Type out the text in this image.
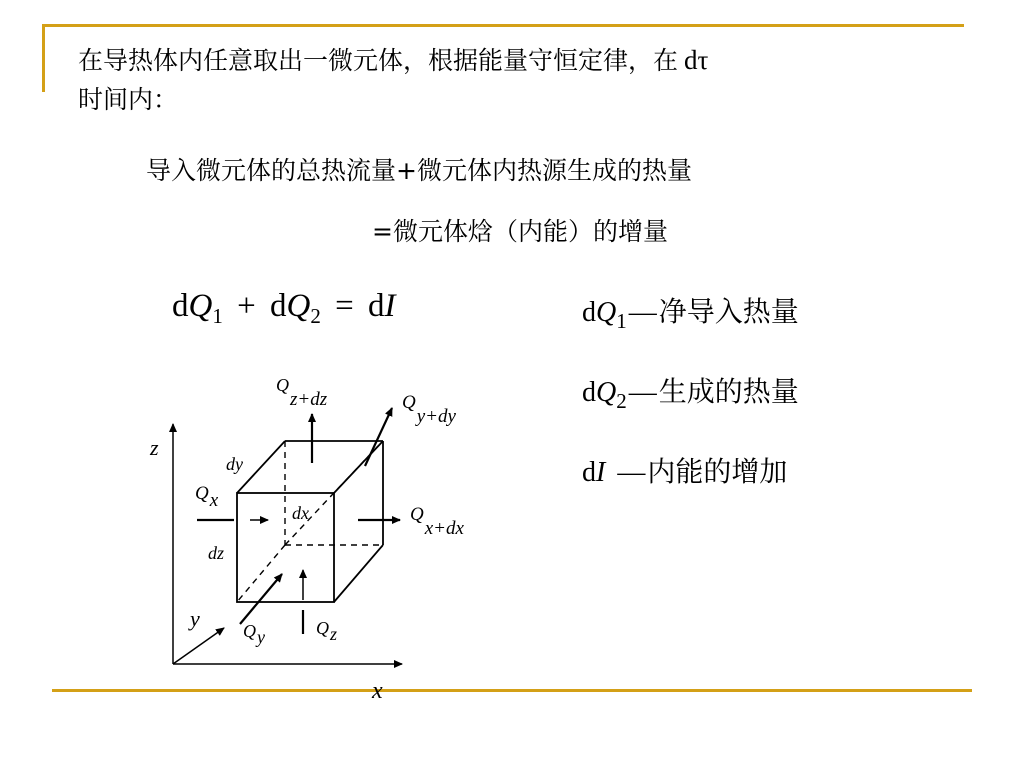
在导热体内任意取出一微元体，根据能量守恒定律，在 dτ
时间内：
导入微元体的总热流量+微元体内热源生成的热量
=微元体焓（内能）的增量
$dQ_1 + dQ_2$ = dI	$dQ_1—$净导入热量
$dQ_2—$生成的热量
dI —内能的增加
z
y
x
Qz+dz	Qy+dy
Qx
Qx+dx
Qy	Qz
dy
dx
dz
